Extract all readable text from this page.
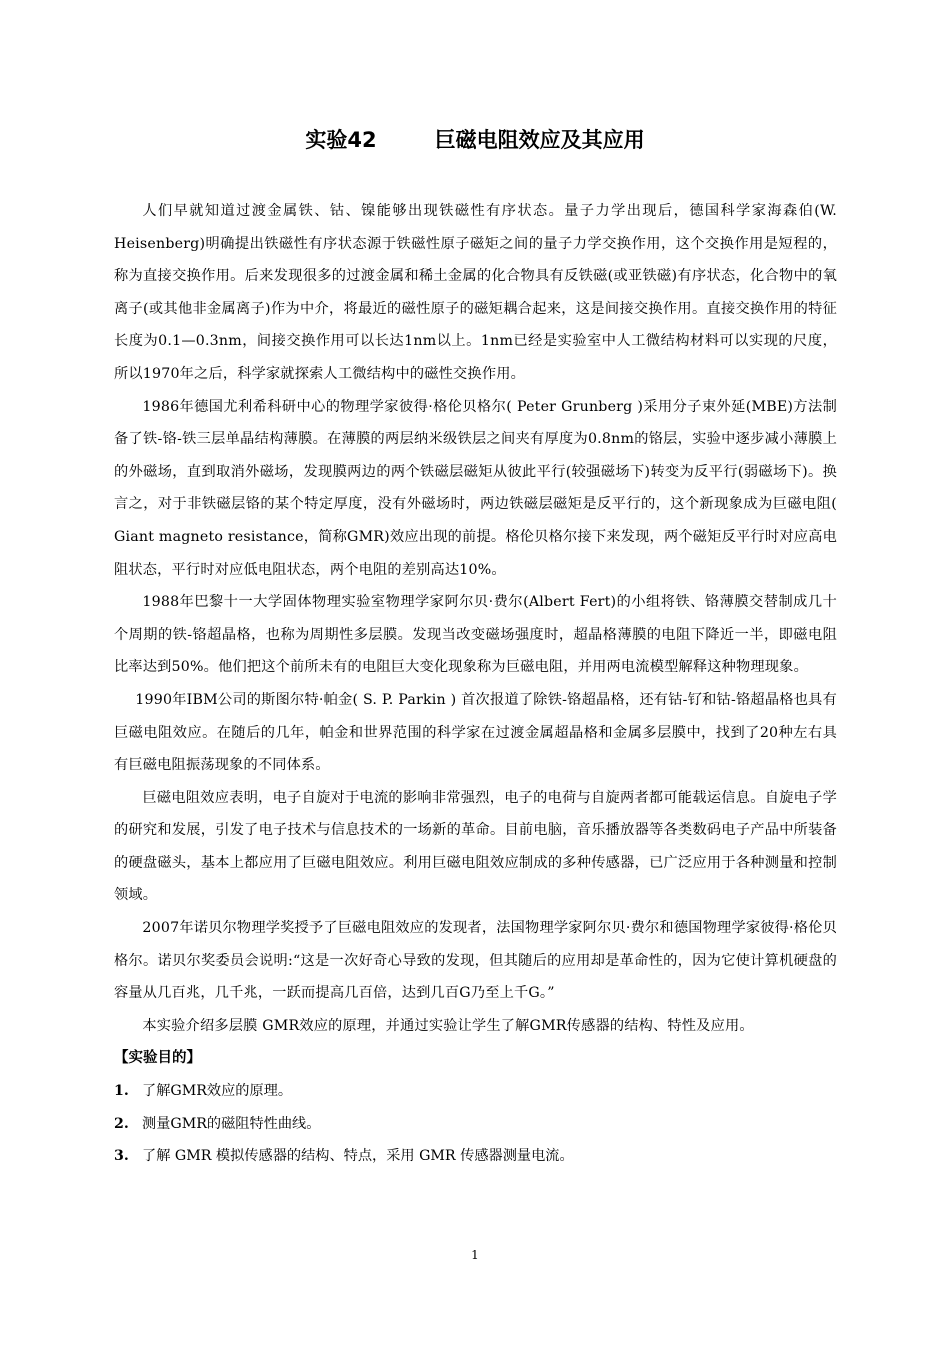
实验42	巨磁电阻效应及其应用

人们早就知道过渡金属铁、钴、镍能够出现铁磁性有序状态。量子力学出现后，德国科学家海森伯(W. Heisenberg)明确提出铁磁性有序状态源于铁磁性原子磁矩之间的量子力学交换作用，这个交换作用是短程的，称为直接交换作用。后来发现很多的过渡金属和稀土金属的化合物具有反铁磁(或亚铁磁)有序状态，化合物中的氧离子(或其他非金属离子)作为中介，将最近的磁性原子的磁矩耦合起来，这是间接交换作用。直接交换作用的特征长度为0.1—0.3nm，间接交换作用可以长达1nm以上。1nm已经是实验室中人工微结构材料可以实现的尺度，所以1970年之后，科学家就探索人工微结构中的磁性交换作用。

1986年德国尤利希科研中心的物理学家彼得·格伦贝格尔( Peter Grunberg )采用分子束外延(MBE)方法制备了铁-铬-铁三层单晶结构薄膜。在薄膜的两层纳米级铁层之间夹有厚度为0.8nm的铬层，实验中逐步减小薄膜上的外磁场，直到取消外磁场，发现膜两边的两个铁磁层磁矩从彼此平行(较强磁场下)转变为反平行(弱磁场下)。换言之，对于非铁磁层铬的某个特定厚度，没有外磁场时，两边铁磁层磁矩是反平行的，这个新现象成为巨磁电阻( Giant magneto resistance，简称GMR)效应出现的前提。格伦贝格尔接下来发现，两个磁矩反平行时对应高电阻状态，平行时对应低电阻状态，两个电阻的差别高达10%。

1988年巴黎十一大学固体物理实验室物理学家阿尔贝·费尔(Albert Fert)的小组将铁、铬薄膜交替制成几十个周期的铁-铬超晶格，也称为周期性多层膜。发现当改变磁场强度时，超晶格薄膜的电阻下降近一半，即磁电阻比率达到50%。他们把这个前所未有的电阻巨大变化现象称为巨磁电阻，并用两电流模型解释这种物理现象。

1990年IBM公司的斯图尔特·帕金( S. P. Parkin ) 首次报道了除铁-铬超晶格，还有钴-钌和钴-铬超晶格也具有巨磁电阻效应。在随后的几年，帕金和世界范围的科学家在过渡金属超晶格和金属多层膜中，找到了20种左右具有巨磁电阻振荡现象的不同体系。

巨磁电阻效应表明，电子自旋对于电流的影响非常强烈，电子的电荷与自旋两者都可能载运信息。自旋电子学的研究和发展，引发了电子技术与信息技术的一场新的革命。目前电脑，音乐播放器等各类数码电子产品中所装备的硬盘磁头，基本上都应用了巨磁电阻效应。利用巨磁电阻效应制成的多种传感器，已广泛应用于各种测量和控制领域。

2007年诺贝尔物理学奖授予了巨磁电阻效应的发现者，法国物理学家阿尔贝·费尔和德国物理学家彼得·格伦贝格尔。诺贝尔奖委员会说明:“这是一次好奇心导致的发现，但其随后的应用却是革命性的，因为它使计算机硬盘的容量从几百兆，几千兆，一跃而提高几百倍，达到几百G乃至上千G。”

本实验介绍多层膜 GMR效应的原理，并通过实验让学生了解GMR传感器的结构、特性及应用。

【实验目的】

1. 了解GMR效应的原理。
2. 测量GMR的磁阻特性曲线。
3. 了解 GMR 模拟传感器的结构、特点，采用 GMR 传感器测量电流。
1
